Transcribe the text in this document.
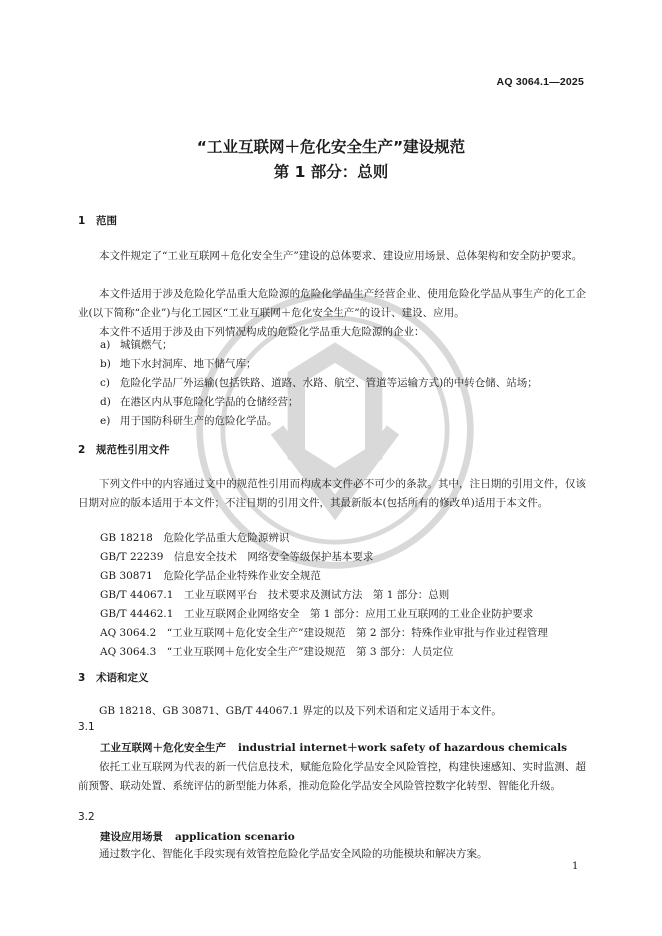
AQ 3064.1—2025
“工业互联网＋危化安全生产”建设规范
第 1 部分：总则
1 范围

本文件规定了“工业互联网＋危化安全生产”建设的总体要求、建设应用场景、总体架构和安全防护要求。

本文件适用于涉及危险化学品重大危险源的危险化学品生产经营企业、使用危险化学品从事生产的化工企业(以下简称“企业”)与化工园区“工业互联网＋危化安全生产”的设计、建设、应用。

本文件不适用于涉及由下列情况构成的危险化学品重大危险源的企业：

a) 城镇燃气；
b) 地下水封洞库、地下储气库；
c) 危险化学品厂外运输(包括铁路、道路、水路、航空、管道等运输方式)的中转仓储、站场；
d) 在港区内从事危险化学品的仓储经营；
e) 用于国防科研生产的危险化学品。
2 规范性引用文件

下列文件中的内容通过文中的规范性引用而构成本文件必不可少的条款。其中，注日期的引用文件，仅该日期对应的版本适用于本文件；不注日期的引用文件，其最新版本(包括所有的修改单)适用于本文件。

GB 18218　危险化学品重大危险源辨识
GB/T 22239　信息安全技术　网络安全等级保护基本要求
GB 30871　危险化学品企业特殊作业安全规范
GB/T 44067.1　工业互联网平台　技术要求及测试方法　第 1 部分：总则
GB/T 44462.1　工业互联网企业网络安全　第 1 部分：应用工业互联网的工业企业防护要求
AQ 3064.2　“工业互联网＋危化安全生产”建设规范　第 2 部分：特殊作业审批与作业过程管理
AQ 3064.3　“工业互联网＋危化安全生产”建设规范　第 3 部分：人员定位
3 术语和定义

GB 18218、GB 30871、GB/T 44067.1 界定的以及下列术语和定义适用于本文件。

3.1
工业互联网＋危化安全生产 industrial internet＋work safety of hazardous chemicals

依托工业互联网为代表的新一代信息技术，赋能危险化学品安全风险管控，构建快速感知、实时监测、超前预警、联动处置、系统评估的新型能力体系，推动危险化学品安全风险管控数字化转型、智能化升级。

3.2
建设应用场景 application scenario

通过数字化、智能化手段实现有效管控危险化学品安全风险的功能模块和解决方案。

1
